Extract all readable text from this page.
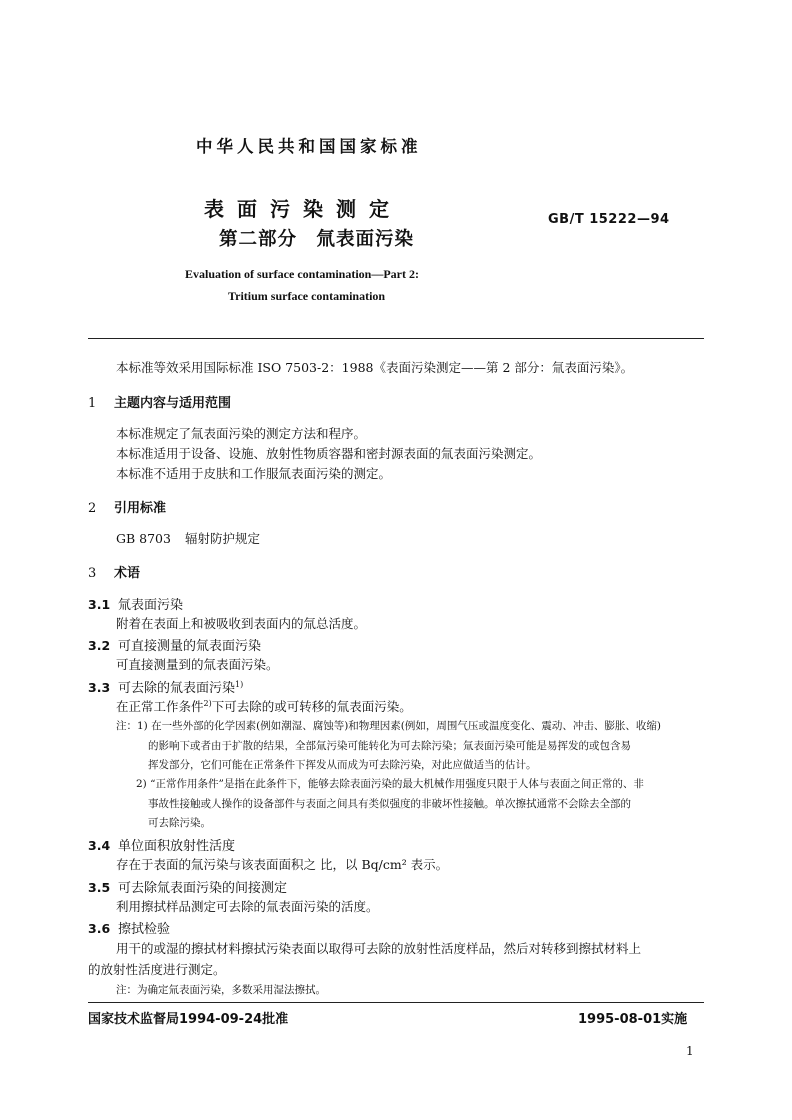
中华人民共和国国家标准
表面污染测定
第二部分　氚表面污染
GB/T 15222—94
Evaluation of surface contamination—Part 2:
Tritium surface contamination
本标准等效采用国际标准 ISO 7503-2：1988《表面污染测定——第 2 部分：氚表面污染》。
1 主题内容与适用范围
本标准规定了氚表面污染的测定方法和程序。
本标准适用于设备、设施、放射性物质容器和密封源表面的氚表面污染测定。
本标准不适用于皮肤和工作服氚表面污染的测定。
2 引用标准
GB 8703 辐射防护规定
3 术语
3.1 氚表面污染
附着在表面上和被吸收到表面内的氚总活度。
3.2 可直接测量的氚表面污染
可直接测量到的氚表面污染。
3.3 可去除的氚表面污染$^{1)}$
在正常工作条件$^{2)}$下可去除的或可转移的氚表面污染。
注：1) 在一些外部的化学因素(例如潮湿、腐蚀等)和物理因素(例如，周围气压或温度变化、震动、冲击、膨胀、收缩)
的影响下或者由于扩散的结果，全部氚污染可能转化为可去除污染；氚表面污染可能是易挥发的或包含易
挥发部分，它们可能在正常条件下挥发从而成为可去除污染，对此应做适当的估计。
2) “正常作用条件”是指在此条件下，能够去除表面污染的最大机械作用强度只限于人体与表面之间正常的、非
事故性接触或人操作的设备部件与表面之间具有类似强度的非破坏性接触。单次擦拭通常不会除去全部的
可去除污染。
3.4 单位面积放射性活度
存在于表面的氚污染与该表面面积之 比，以 Bq/cm² 表示。
3.5 可去除氚表面污染的间接测定
利用擦拭样品测定可去除的氚表面污染的活度。
3.6 擦拭检验
用干的或湿的擦拭材料擦拭污染表面以取得可去除的放射性活度样品，然后对转移到擦拭材料上
的放射性活度进行测定。
注：为确定氚表面污染，多数采用湿法擦拭。
国家技术监督局1994-09-24批准	1995-08-01实施
1
